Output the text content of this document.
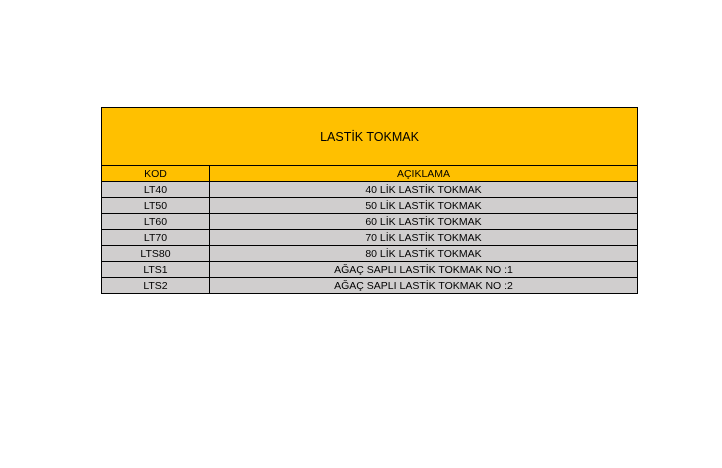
LASTİK TOKMAK	
KOD	AÇIKLAMA
LT40	40 LİK LASTİK TOKMAK
LT50	50 LİK LASTİK TOKMAK
LT60	60 LİK LASTİK TOKMAK
LT70	70 LİK LASTİK TOKMAK
LTS80	80 LİK LASTİK TOKMAK
LTS1	AĞAÇ SAPLI LASTİK TOKMAK NO :1
LTS2	AĞAÇ SAPLI LASTİK TOKMAK NO :2
